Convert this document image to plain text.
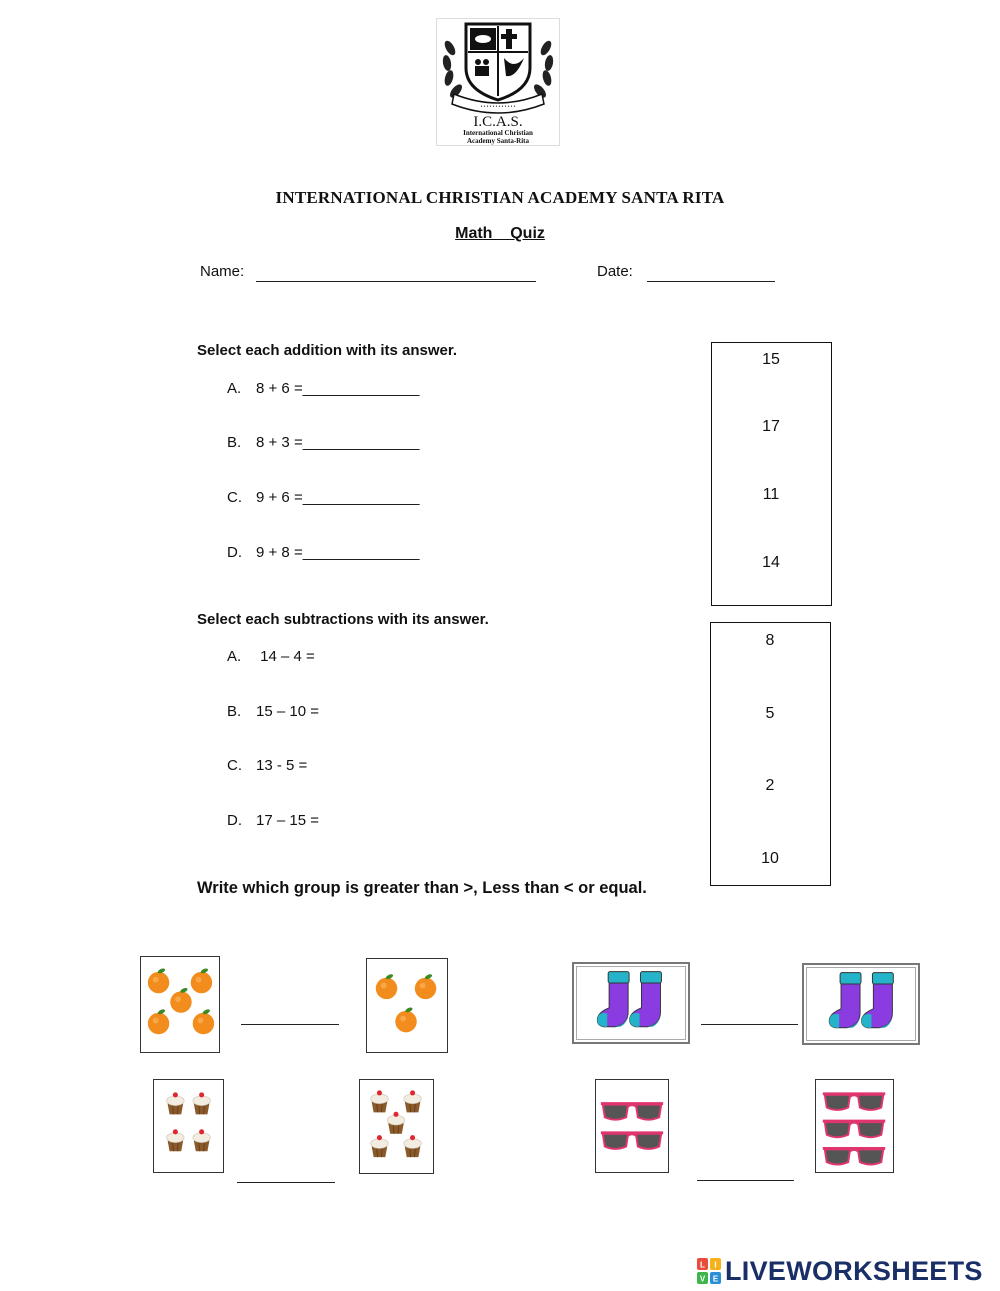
• • • • • • • • • • • •
I.C.A.S.
International Christian
Academy Santa-Rita
INTERNATIONAL CHRISTIAN ACADEMY SANTA RITA
Math    Quiz
Name:	Date:
Select each addition with its answer.
A. 8 + 6 =______________
B. 8 + 3 =______________
C. 9 + 6 =______________
D. 9 + 8 =______________
15
17
11
14
Select each subtractions with its answer.
A. 14 – 4 =
B. 15 – 10 =
C. 13 - 5 =
D. 17 – 15 =
8
5
2
10
Write which group is greater than >, Less than < or equal.
L I
V E LIVEWORKSHEETS
